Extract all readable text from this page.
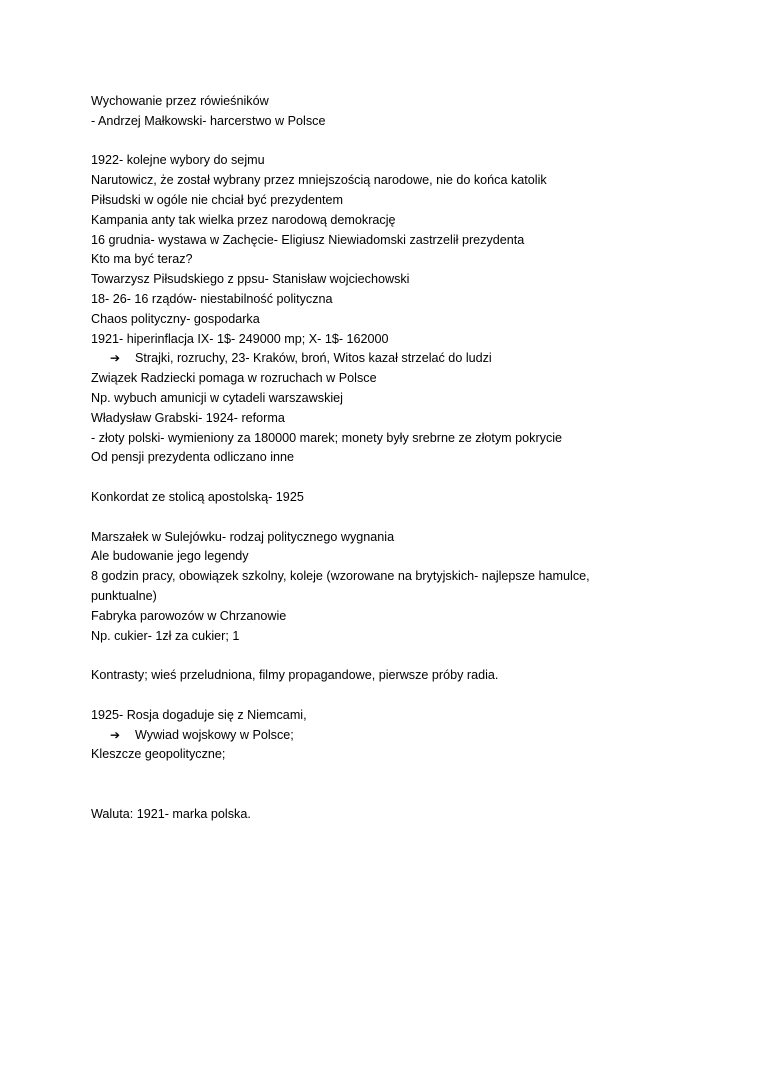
Wychowanie przez rówieśników
- Andrzej Małkowski- harcerstwo w Polsce
1922- kolejne wybory do sejmu
Narutowicz, że został wybrany przez mniejszością narodowe, nie do końca katolik
Piłsudski w ogóle nie chciał być prezydentem
Kampania anty tak wielka przez narodową demokrację
16 grudnia- wystawa w Zachęcie- Eligiusz Niewiadomski zastrzelił prezydenta
Kto ma być teraz?
Towarzysz Piłsudskiego z ppsu- Stanisław wojciechowski
18- 26- 16 rządów- niestabilność polityczna
Chaos polityczny- gospodarka
1921- hiperinflacja IX- 1$- 249000 mp; X- 1$- 162000
➔ Strajki, rozruchy, 23- Kraków, broń, Witos kazał strzelać do ludzi
Związek Radziecki pomaga w rozruchach w Polsce
Np. wybuch amunicji w cytadeli warszawskiej
Władysław Grabski- 1924- reforma
- złoty polski- wymieniony za 180000 marek; monety były srebrne ze złotym pokrycie
Od pensji prezydenta odliczano inne
Konkordat ze stolicą apostolską- 1925
Marszałek w Sulejówku- rodzaj politycznego wygnania
Ale budowanie jego legendy
8 godzin pracy, obowiązek szkolny, koleje (wzorowane na brytyjskich- najlepsze hamulce, punktualne)
Fabryka parowozów w Chrzanowie
Np. cukier- 1zł za cukier; 1
Kontrasty; wieś przeludniona, filmy propagandowe, pierwsze próby radia.
1925- Rosja dogaduje się z Niemcami,
➔ Wywiad wojskowy w Polsce;
Kleszcze geopolityczne;
Waluta: 1921- marka polska.
